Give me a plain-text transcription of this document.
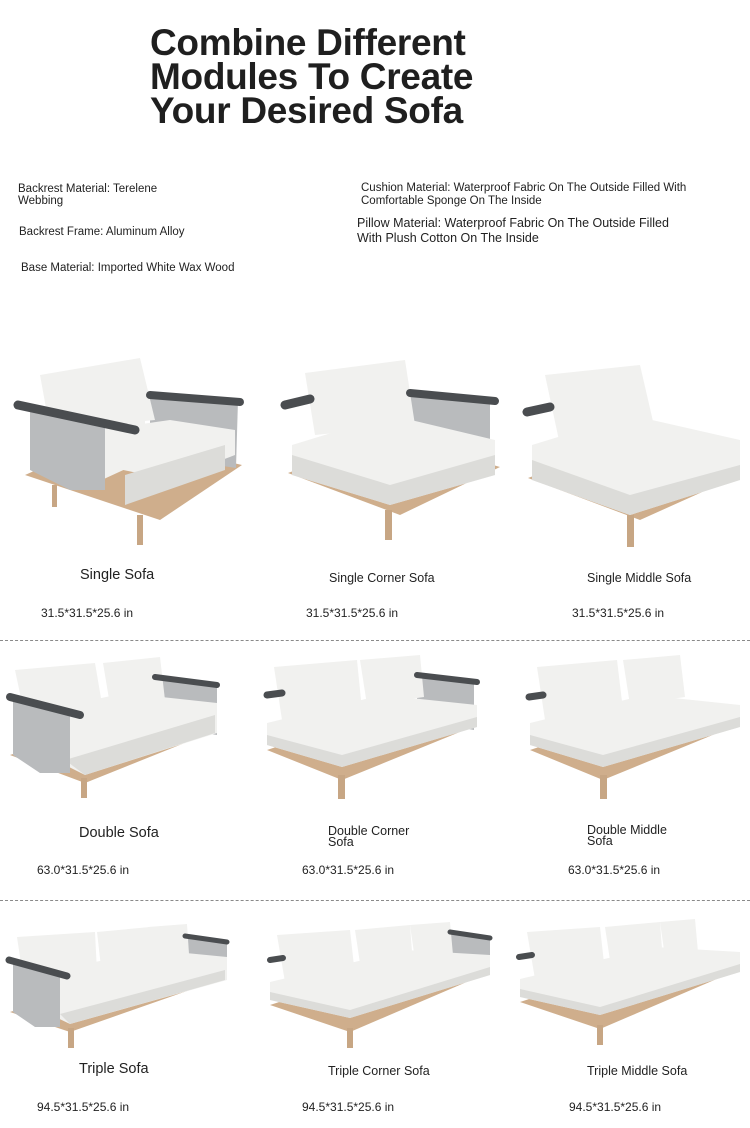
Combine Different
Modules To Create
Your Desired Sofa
Backrest Material: Terelene Webbing
Backrest Frame: Aluminum Alloy
Base Material: Imported White Wax Wood
Cushion Material: Waterproof Fabric On The Outside Filled With Comfortable Sponge On The Inside
Pillow Material: Waterproof Fabric On The Outside Filled With Plush Cotton On The Inside
Single Sofa
31.5*31.5*25.6 in
Single Corner Sofa
31.5*31.5*25.6 in
Single Middle Sofa
31.5*31.5*25.6 in
Double Sofa
63.0*31.5*25.6 in
Double Corner Sofa
63.0*31.5*25.6 in
Double Middle Sofa
63.0*31.5*25.6 in
Triple Sofa
94.5*31.5*25.6 in
Triple Corner Sofa
94.5*31.5*25.6 in
Triple Middle Sofa
94.5*31.5*25.6 in
